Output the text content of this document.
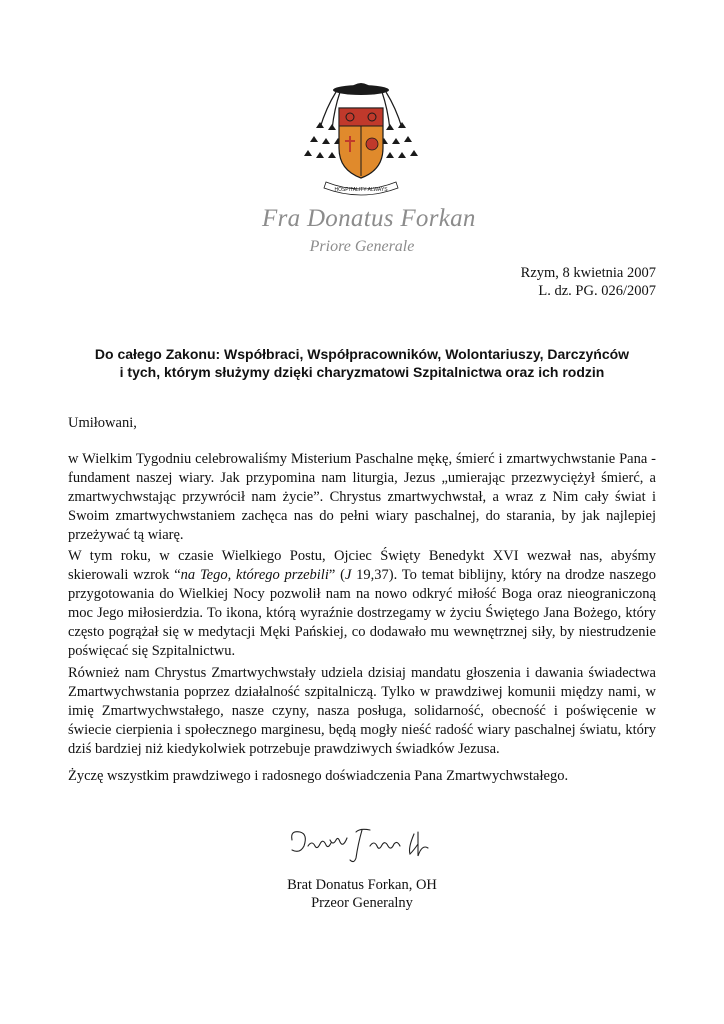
HOSPITALITY ALWAYS
Fra Donatus Forkan
Priore Generale
Rzym, 8 kwietnia 2007
L. dz. PG. 026/2007
Do całego Zakonu: Współbraci, Współpracowników, Wolontariuszy, Darczyńców
i tych, którym służymy dzięki charyzmatowi Szpitalnictwa oraz ich rodzin
Umiłowani,
w Wielkim Tygodniu celebrowaliśmy Misterium Paschalne mękę, śmierć i zmartwychwstanie Pana - fundament naszej wiary. Jak przypomina nam liturgia, Jezus „umierając przezwyciężył śmierć, a zmartwychwstając przywrócił nam życie”. Chrystus zmartwychwstał, a wraz z Nim cały świat i Swoim zmartwychwstaniem zachęca nas do pełni wiary paschalnej, do starania, by jak najlepiej przeżywać tą wiarę.
W tym roku, w czasie Wielkiego Postu, Ojciec Święty Benedykt XVI wezwał nas, abyśmy skierowali wzrok “na Tego, którego przebili” (J 19,37). To temat biblijny, który na drodze naszego przygotowania do Wielkiej Nocy pozwolił nam na nowo odkryć miłość Boga oraz nieograniczoną moc Jego miłosierdzia. To ikona, którą wyraźnie dostrzegamy w życiu Świętego Jana Bożego, który często pogrążał się w medytacji Męki Pańskiej, co dodawało mu wewnętrznej siły, by niestrudzenie poświęcać się Szpitalnictwu.
Również nam Chrystus Zmartwychwstały udziela dzisiaj mandatu głoszenia i dawania świadectwa Zmartwychwstania poprzez działalność szpitalniczą. Tylko w prawdziwej komunii między nami, w imię Zmartwychwstałego, nasze czyny, nasza posługa, solidarność, obecność i poświęcenie w świecie cierpienia i społecznego marginesu, będą mogły nieść radość wiary paschalnej światu, który dziś bardziej niż kiedykolwiek potrzebuje prawdziwych świadków Jezusa.
Życzę wszystkim prawdziwego i radosnego doświadczenia Pana Zmartwychwstałego.
Brat Donatus Forkan, OH
Przeor Generalny
